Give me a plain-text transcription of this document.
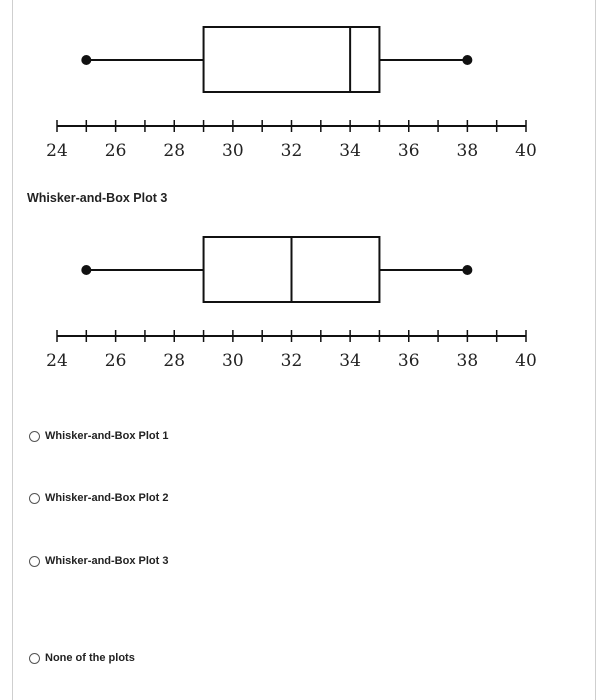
24 26 28 30 32 34 36 38 40
Whisker-and-Box Plot 3
24 26 28 30 32 34 36 38 40
Whisker-and-Box Plot 1
Whisker-and-Box Plot 2
Whisker-and-Box Plot 3
None of the plots
